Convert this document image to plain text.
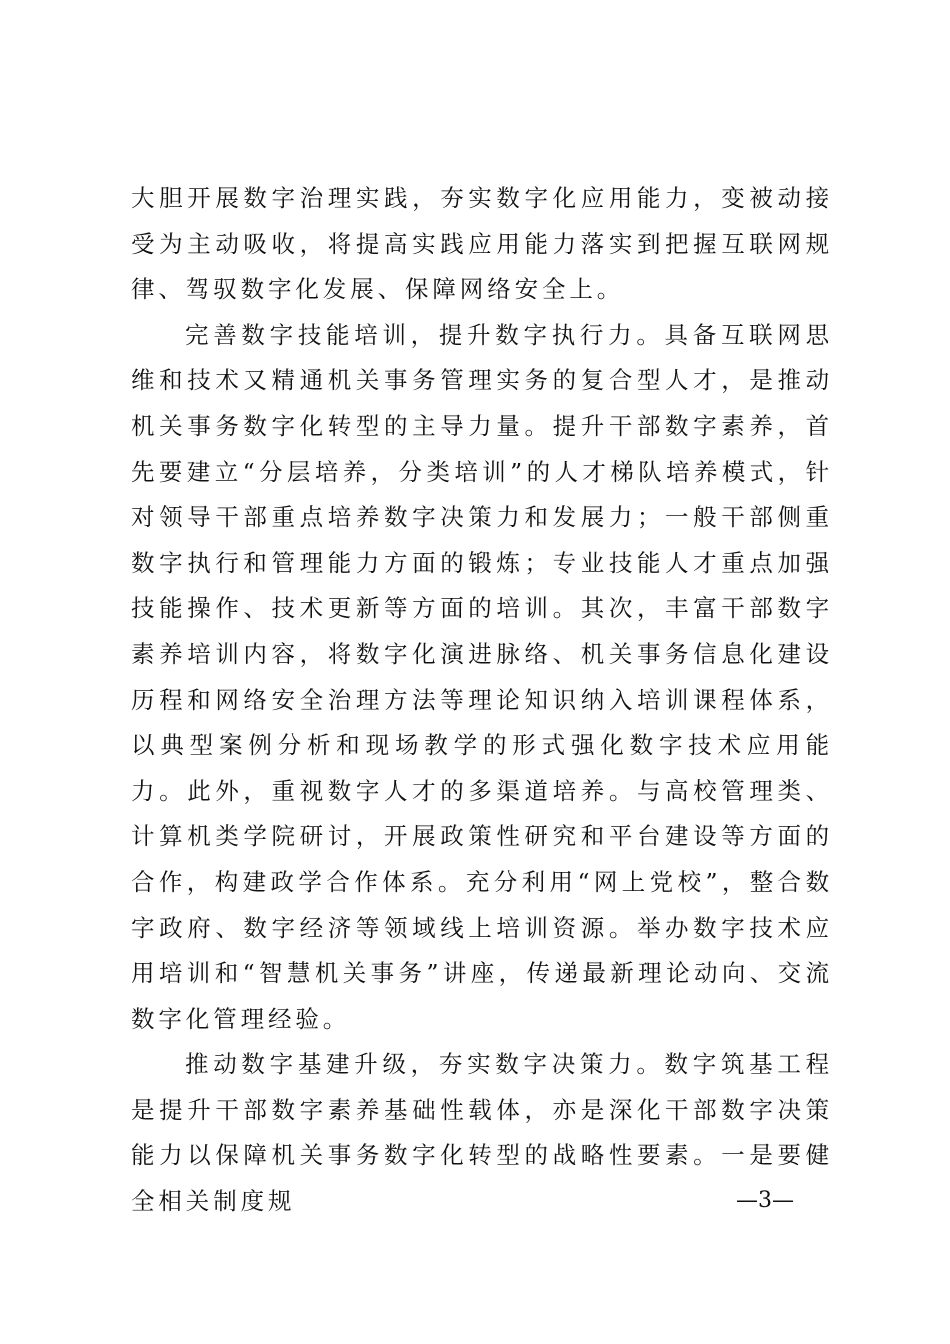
大胆开展数字治理实践，夯实数字化应用能力，变被动接受为主动吸收，将提高实践应用能力落实到把握互联网规律、驾驭数字化发展、保障网络安全上。

完善数字技能培训，提升数字执行力。具备互联网思维和技术又精通机关事务管理实务的复合型人才，是推动机关事务数字化转型的主导力量。提升干部数字素养，首先要建立“分层培养，分类培训”的人才梯队培养模式，针对领导干部重点培养数字决策力和发展力；一般干部侧重数字执行和管理能力方面的锻炼；专业技能人才重点加强技能操作、技术更新等方面的培训。其次，丰富干部数字素养培训内容，将数字化演进脉络、机关事务信息化建设历程和网络安全治理方法等理论知识纳入培训课程体系，以典型案例分析和现场教学的形式强化数字技术应用能力。此外，重视数字人才的多渠道培养。与高校管理类、计算机类学院研讨，开展政策性研究和平台建设等方面的合作，构建政学合作体系。充分利用“网上党校”，整合数字政府、数字经济等领域线上培训资源。举办数字技术应用培训和“智慧机关事务”讲座，传递最新理论动向、交流数字化管理经验。

推动数字基建升级，夯实数字决策力。数字筑基工程是提升干部数字素养基础性载体，亦是深化干部数字决策能力以保障机关事务数字化转型的战略性要素。一是要健全相关制度规	—3—
